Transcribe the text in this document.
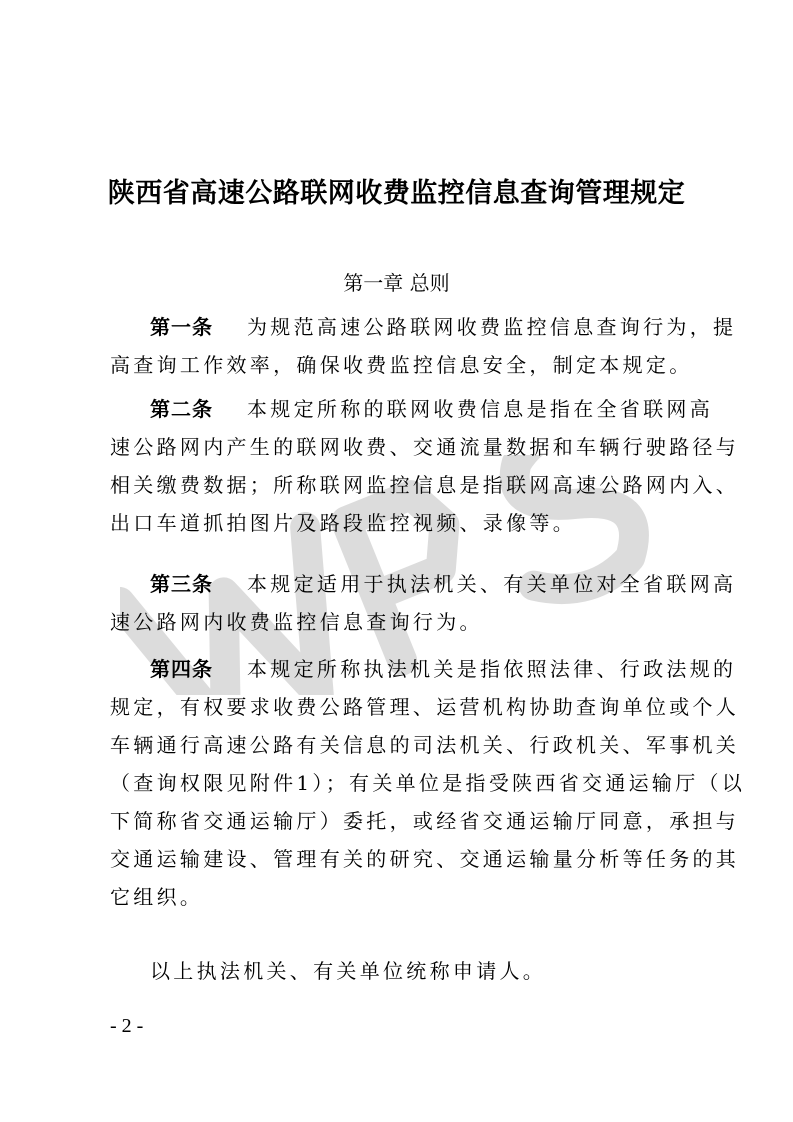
陕西省高速公路联网收费监控信息查询管理规定
第一章 总则
第一条 为规范高速公路联网收费监控信息查询行为，提
高查询工作效率，确保收费监控信息安全，制定本规定。
第二条 本规定所称的联网收费信息是指在全省联网高
速公路网内产生的联网收费、交通流量数据和车辆行驶路径与
相关缴费数据；所称联网监控信息是指联网高速公路网内入、
出口车道抓拍图片及路段监控视频、录像等。
第三条 本规定适用于执法机关、有关单位对全省联网高
速公路网内收费监控信息查询行为。
第四条 本规定所称执法机关是指依照法律、行政法规的
规定，有权要求收费公路管理、运营机构协助查询单位或个人
车辆通行高速公路有关信息的司法机关、行政机关、军事机关
（查询权限见附件1）；有关单位是指受陕西省交通运输厅（以
下简称省交通运输厅）委托，或经省交通运输厅同意，承担与
交通运输建设、管理有关的研究、交通运输量分析等任务的其
它组织。
以上执法机关、有关单位统称申请人。
- 2 -
